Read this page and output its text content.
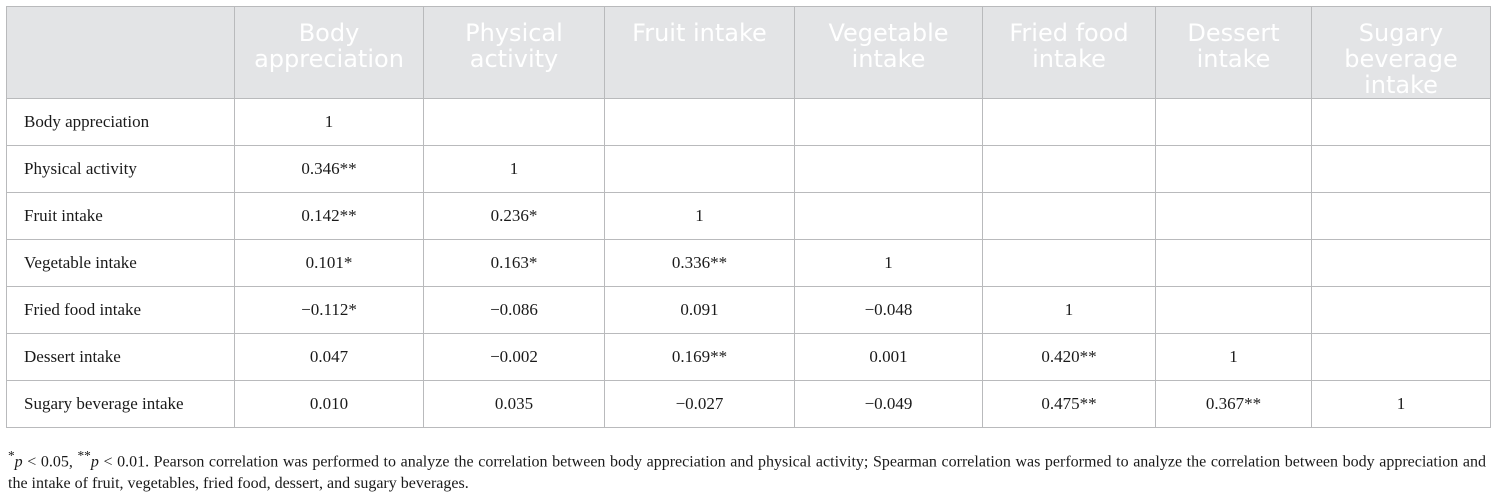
	Body appreciation	Physical activity	Fruit intake	Vegetable intake	Fried food intake	Dessert intake	Sugary beverage intake
Body appreciation	1						
Physical activity	0.346**	1					
Fruit intake	0.142**	0.236*	1				
Vegetable intake	0.101*	0.163*	0.336**	1			
Fried food intake	−0.112*	−0.086	0.091	−0.048	1		
Dessert intake	0.047	−0.002	0.169**	0.001	0.420**	1	
Sugary beverage intake	0.010	0.035	−0.027	−0.049	0.475**	0.367**	1
*p < 0.05, **p < 0.01. Pearson correlation was performed to analyze the correlation between body appreciation and physical activity; Spearman correlation was performed to analyze the correlation between body appreciation and the intake of fruit, vegetables, fried food, dessert, and sugary beverages.
